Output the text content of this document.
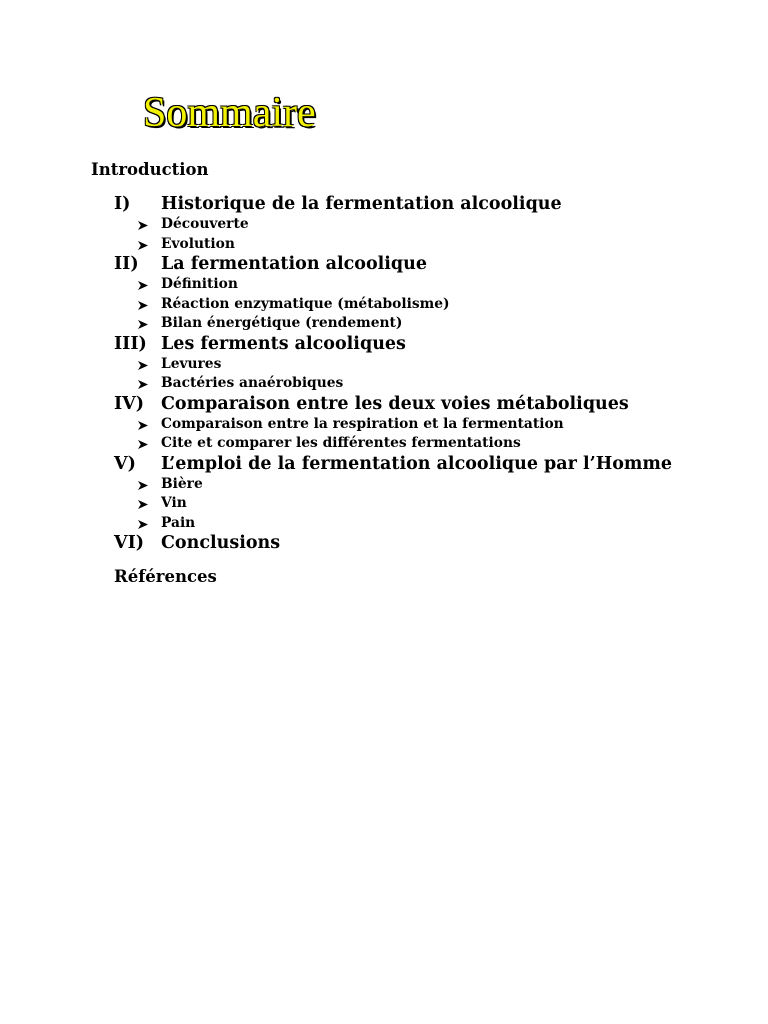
Sommaire
Introduction
I) Historique de la fermentation alcoolique
Découverte
Evolution
II) La fermentation alcoolique
Définition
Réaction enzymatique (métabolisme)
Bilan énergétique (rendement)
III) Les ferments alcooliques
Levures
Bactéries anaérobiques
IV) Comparaison entre les deux voies métaboliques
Comparaison entre la respiration et la fermentation
Cite et comparer les différentes fermentations
V) L’emploi de la fermentation alcoolique par l’Homme
Bière
Vin
Pain
VI) Conclusions
Références
